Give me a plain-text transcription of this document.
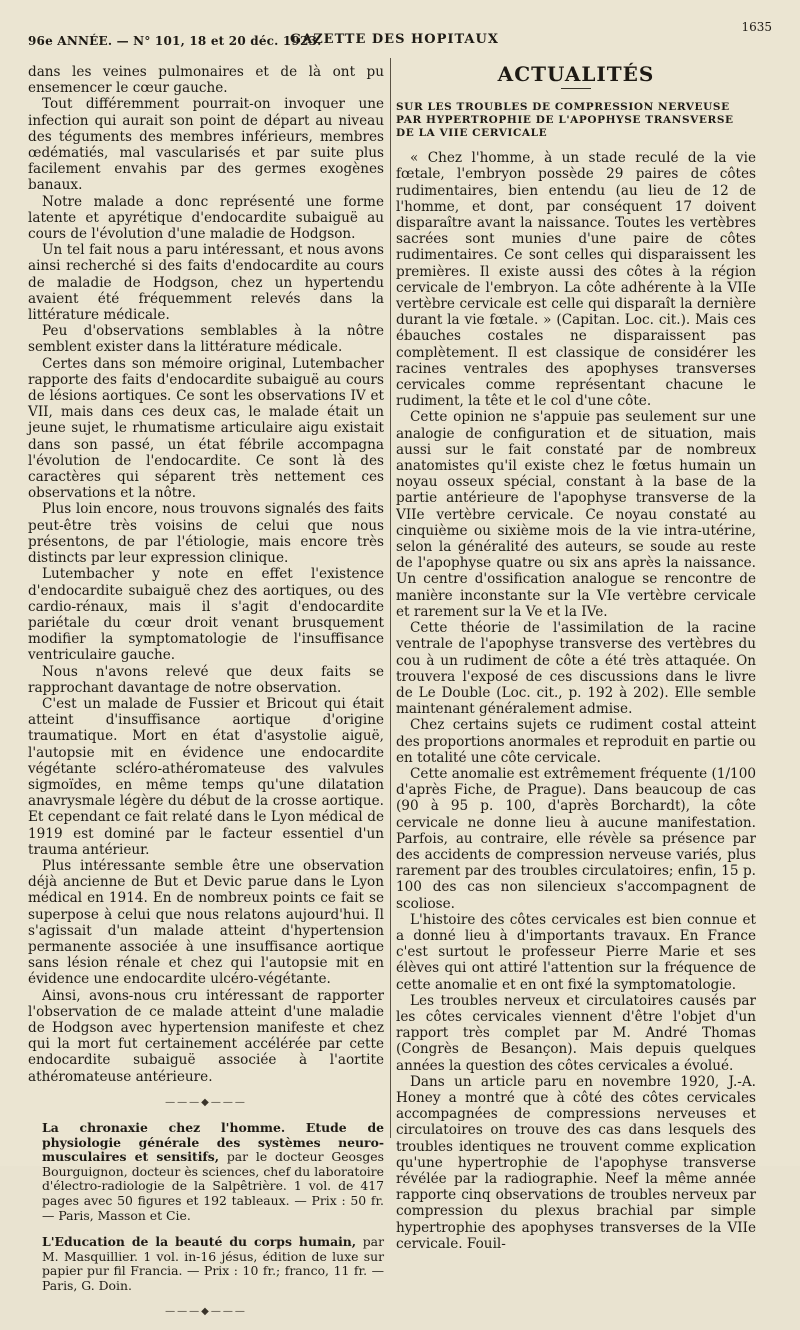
96e ANNÉE. — N° 101, 18 et 20 déc. 1923.
GAZETTE DES HOPITAUX
1635

dans les veines pulmonaires et de là ont pu ensemencer le cœur gauche.

Tout différemment pourrait-on invoquer une infection qui aurait son point de départ au niveau des téguments des membres inférieurs, membres œdématiés, mal vascularisés et par suite plus facilement envahis par des germes exogènes banaux.

Notre malade a donc représenté une forme latente et apyrétique d'endocardite subaiguë au cours de l'évolution d'une maladie de Hodgson.

Un tel fait nous a paru intéressant, et nous avons ainsi recherché si des faits d'endocardite au cours de maladie de Hodgson, chez un hypertendu avaient été fréquemment relevés dans la littérature médicale.

Peu d'observations semblables à la nôtre semblent exister dans la littérature médicale.

Certes dans son mémoire original, Lutembacher rapporte des faits d'endocardite subaiguë au cours de lésions aortiques. Ce sont les observations IV et VII, mais dans ces deux cas, le malade était un jeune sujet, le rhumatisme articulaire aigu existait dans son passé, un état fébrile accompagna l'évolution de l'endocardite. Ce sont là des caractères qui séparent très nettement ces observations et la nôtre.

Plus loin encore, nous trouvons signalés des faits peut-être très voisins de celui que nous présentons, de par l'étiologie, mais encore très distincts par leur expression clinique.

Lutembacher y note en effet l'existence d'endocardite subaiguë chez des aortiques, ou des cardio-rénaux, mais il s'agit d'endocardite pariétale du cœur droit venant brusquement modifier la symptomatologie de l'insuffisance ventriculaire gauche.

Nous n'avons relevé que deux faits se rapprochant davantage de notre observation.

C'est un malade de Fussier et Bricout qui était atteint d'insuffisance aortique d'origine traumatique. Mort en état d'asystolie aiguë, l'autopsie mit en évidence une endocardite végétante scléro-athéromateuse des valvules sigmoïdes, en même temps qu'une dilatation anavrysmale légère du début de la crosse aortique. Et cependant ce fait relaté dans le Lyon médical de 1919 est dominé par le facteur essentiel d'un trauma antérieur.

Plus intéressante semble être une observation déjà ancienne de But et Devic parue dans le Lyon médical en 1914. En de nombreux points ce fait se superpose à celui que nous relatons aujourd'hui. Il s'agissait d'un malade atteint d'hypertension permanente associée à une insuffisance aortique sans lésion rénale et chez qui l'autopsie mit en évidence une endocardite ulcéro-végétante.

Ainsi, avons-nous cru intéressant de rapporter l'observation de ce malade atteint d'une maladie de Hodgson avec hypertension manifeste et chez qui la mort fut certainement accélérée par cette endocardite subaiguë associée à l'aortite athéromateuse antérieure.

———◆———

La chronaxie chez l'homme. Etude de physiologie générale des systèmes neuro-musculaires et sensitifs, par le docteur Geosges Bourguignon, docteur ès sciences, chef du laboratoire d'électro-radiologie de la Salpêtrière. 1 vol. de 417 pages avec 50 figures et 192 tableaux. — Prix : 50 fr. — Paris, Masson et Cie.

L'Education de la beauté du corps humain, par M. Masquillier. 1 vol. in-16 jésus, édition de luxe sur papier pur fil Francia. — Prix : 10 fr.; franco, 11 fr. — Paris, G. Doin.

———◆———
ACTUALITÉS
SUR LES TROUBLES DE COMPRESSION NERVEUSE PAR HYPERTROPHIE DE L'APOPHYSE TRANSVERSE DE LA VIIE CERVICALE

« Chez l'homme, à un stade reculé de la vie fœtale, l'embryon possède 29 paires de côtes rudimentaires, bien entendu (au lieu de 12 de l'homme, et dont, par conséquent 17 doivent disparaître avant la naissance. Toutes les vertèbres sacrées sont munies d'une paire de côtes rudimentaires. Ce sont celles qui disparaissent les premières. Il existe aussi des côtes à la région cervicale de l'embryon. La côte adhérente à la VIIe vertèbre cervicale est celle qui disparaît la dernière durant la vie fœtale. » (Capitan. Loc. cit.). Mais ces ébauches costales ne disparaissent pas complètement. Il est classique de considérer les racines ventrales des apophyses transverses cervicales comme représentant chacune le rudiment, la tête et le col d'une côte.

Cette opinion ne s'appuie pas seulement sur une analogie de configuration et de situation, mais aussi sur le fait constaté par de nombreux anatomistes qu'il existe chez le fœtus humain un noyau osseux spécial, constant à la base de la partie antérieure de l'apophyse transverse de la VIIe vertèbre cervicale. Ce noyau constaté au cinquième ou sixième mois de la vie intra-utérine, selon la généralité des auteurs, se soude au reste de l'apophyse quatre ou six ans après la naissance. Un centre d'ossification analogue se rencontre de manière inconstante sur la VIe vertèbre cervicale et rarement sur la Ve et la IVe.

Cette théorie de l'assimilation de la racine ventrale de l'apophyse transverse des vertèbres du cou à un rudiment de côte a été très attaquée. On trouvera l'exposé de ces discussions dans le livre de Le Double (Loc. cit., p. 192 à 202). Elle semble maintenant généralement admise.

Chez certains sujets ce rudiment costal atteint des proportions anormales et reproduit en partie ou en totalité une côte cervicale.

Cette anomalie est extrêmement fréquente (1/100 d'après Fiche, de Prague). Dans beaucoup de cas (90 à 95 p. 100, d'après Borchardt), la côte cervicale ne donne lieu à aucune manifestation. Parfois, au contraire, elle révèle sa présence par des accidents de compression nerveuse variés, plus rarement par des troubles circulatoires; enfin, 15 p. 100 des cas non silencieux s'accompagnent de scoliose.

L'histoire des côtes cervicales est bien connue et a donné lieu à d'importants travaux. En France c'est surtout le professeur Pierre Marie et ses élèves qui ont attiré l'attention sur la fréquence de cette anomalie et en ont fixé la symptomatologie.

Les troubles nerveux et circulatoires causés par les côtes cervicales viennent d'être l'objet d'un rapport très complet par M. André Thomas (Congrès de Besançon). Mais depuis quelques années la question des côtes cervicales a évolué.

Dans un article paru en novembre 1920, J.-A. Honey a montré que à côté des côtes cervicales accompagnées de compressions nerveuses et circulatoires on trouve des cas dans lesquels des troubles identiques ne trouvent comme explication qu'une hypertrophie de l'apophyse transverse révélée par la radiographie. Neef la même année rapporte cinq observations de troubles nerveux par compression du plexus brachial par simple hypertrophie des apophyses transverses de la VIIe cervicale. Fouil-
